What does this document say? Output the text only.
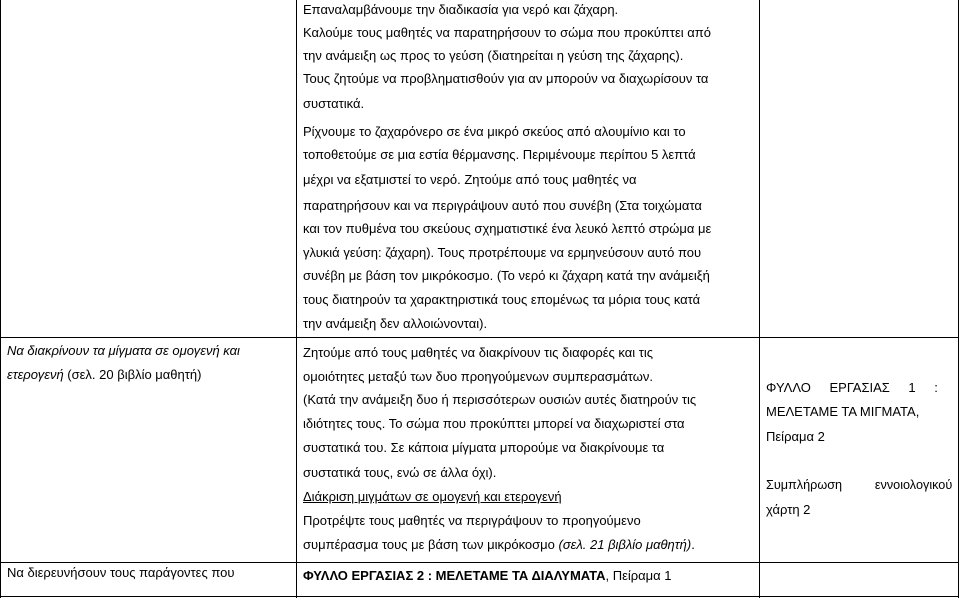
Επαναλαμβάνουμε την διαδικασία για νερό και ζάχαρη.
Καλούμε τους μαθητές να παρατηρήσουν το σώμα που προκύπτει από
την ανάμειξη ως προς το γεύση (διατηρείται η γεύση της ζάχαρης).
Τους ζητούμε να προβληματισθούν για αν μπορούν να διαχωρίσουν τα
συστατικά.
Ρίχνουμε το ζαχαρόνερο σε ένα μικρό σκεύος από αλουμίνιο και το
τοποθετούμε σε μια εστία θέρμανσης. Περιμένουμε περίπου 5 λεπτά
μέχρι να εξατμιστεί το νερό. Ζητούμε από τους μαθητές να
παρατηρήσουν και να περιγράψουν αυτό που συνέβη (Στα τοιχώματα
και τον πυθμένα του σκεύους σχηματιστικέ ένα λευκό λεπτό στρώμα με
γλυκιά γεύση: ζάχαρη). Τους προτρέπουμε να ερμηνεύσουν αυτό που
συνέβη με βάση τον μικρόκοσμο. (Το νερό κι ζάχαρη κατά την ανάμειξή
τους διατηρούν τα χαρακτηριστικά τους επομένως τα μόρια τους κατά
την ανάμειξη δεν αλλοιώνονται).
Να διακρίνουν τα μίγματα σε ομογενή και
ετερογενή (σελ. 20 βιβλίο μαθητή)
Ζητούμε από τους μαθητές να διακρίνουν τις διαφορές και τις
ομοιότητες μεταξύ των δυο προηγούμενων συμπερασμάτων.
(Κατά την ανάμειξη δυο ή περισσότερων ουσιών αυτές διατηρούν τις
ιδιότητες τους. Το σώμα που προκύπτει μπορεί να διαχωριστεί στα
συστατικά του. Σε κάποια μίγματα μπορούμε να διακρίνουμε τα
συστατικά τους, ενώ σε άλλα όχι).
Διάκριση μιγμάτων σε ομογενή και ετερογενή
Προτρέψτε τους μαθητές να περιγράψουν το προηγούμενο
συμπέρασμα τους με βάση των μικρόκοσμο (σελ. 21 βιβλίο μαθητή).
ΦΥΛΛΟ ΕΡΓΑΣΙΑΣ 1 :
ΜΕΛΕΤΑΜΕ ΤΑ ΜΙΓΜΑΤΑ,
Πείραμα 2
Συμπλήρωση εννοιολογικού
χάρτη 2
Να διερευνήσουν τους παράγοντες που	ΦΥΛΛΟ ΕΡΓΑΣΙΑΣ 2 : ΜΕΛΕΤΑΜΕ ΤΑ ΔΙΑΛΥΜΑΤΑ, Πείραμα 1
